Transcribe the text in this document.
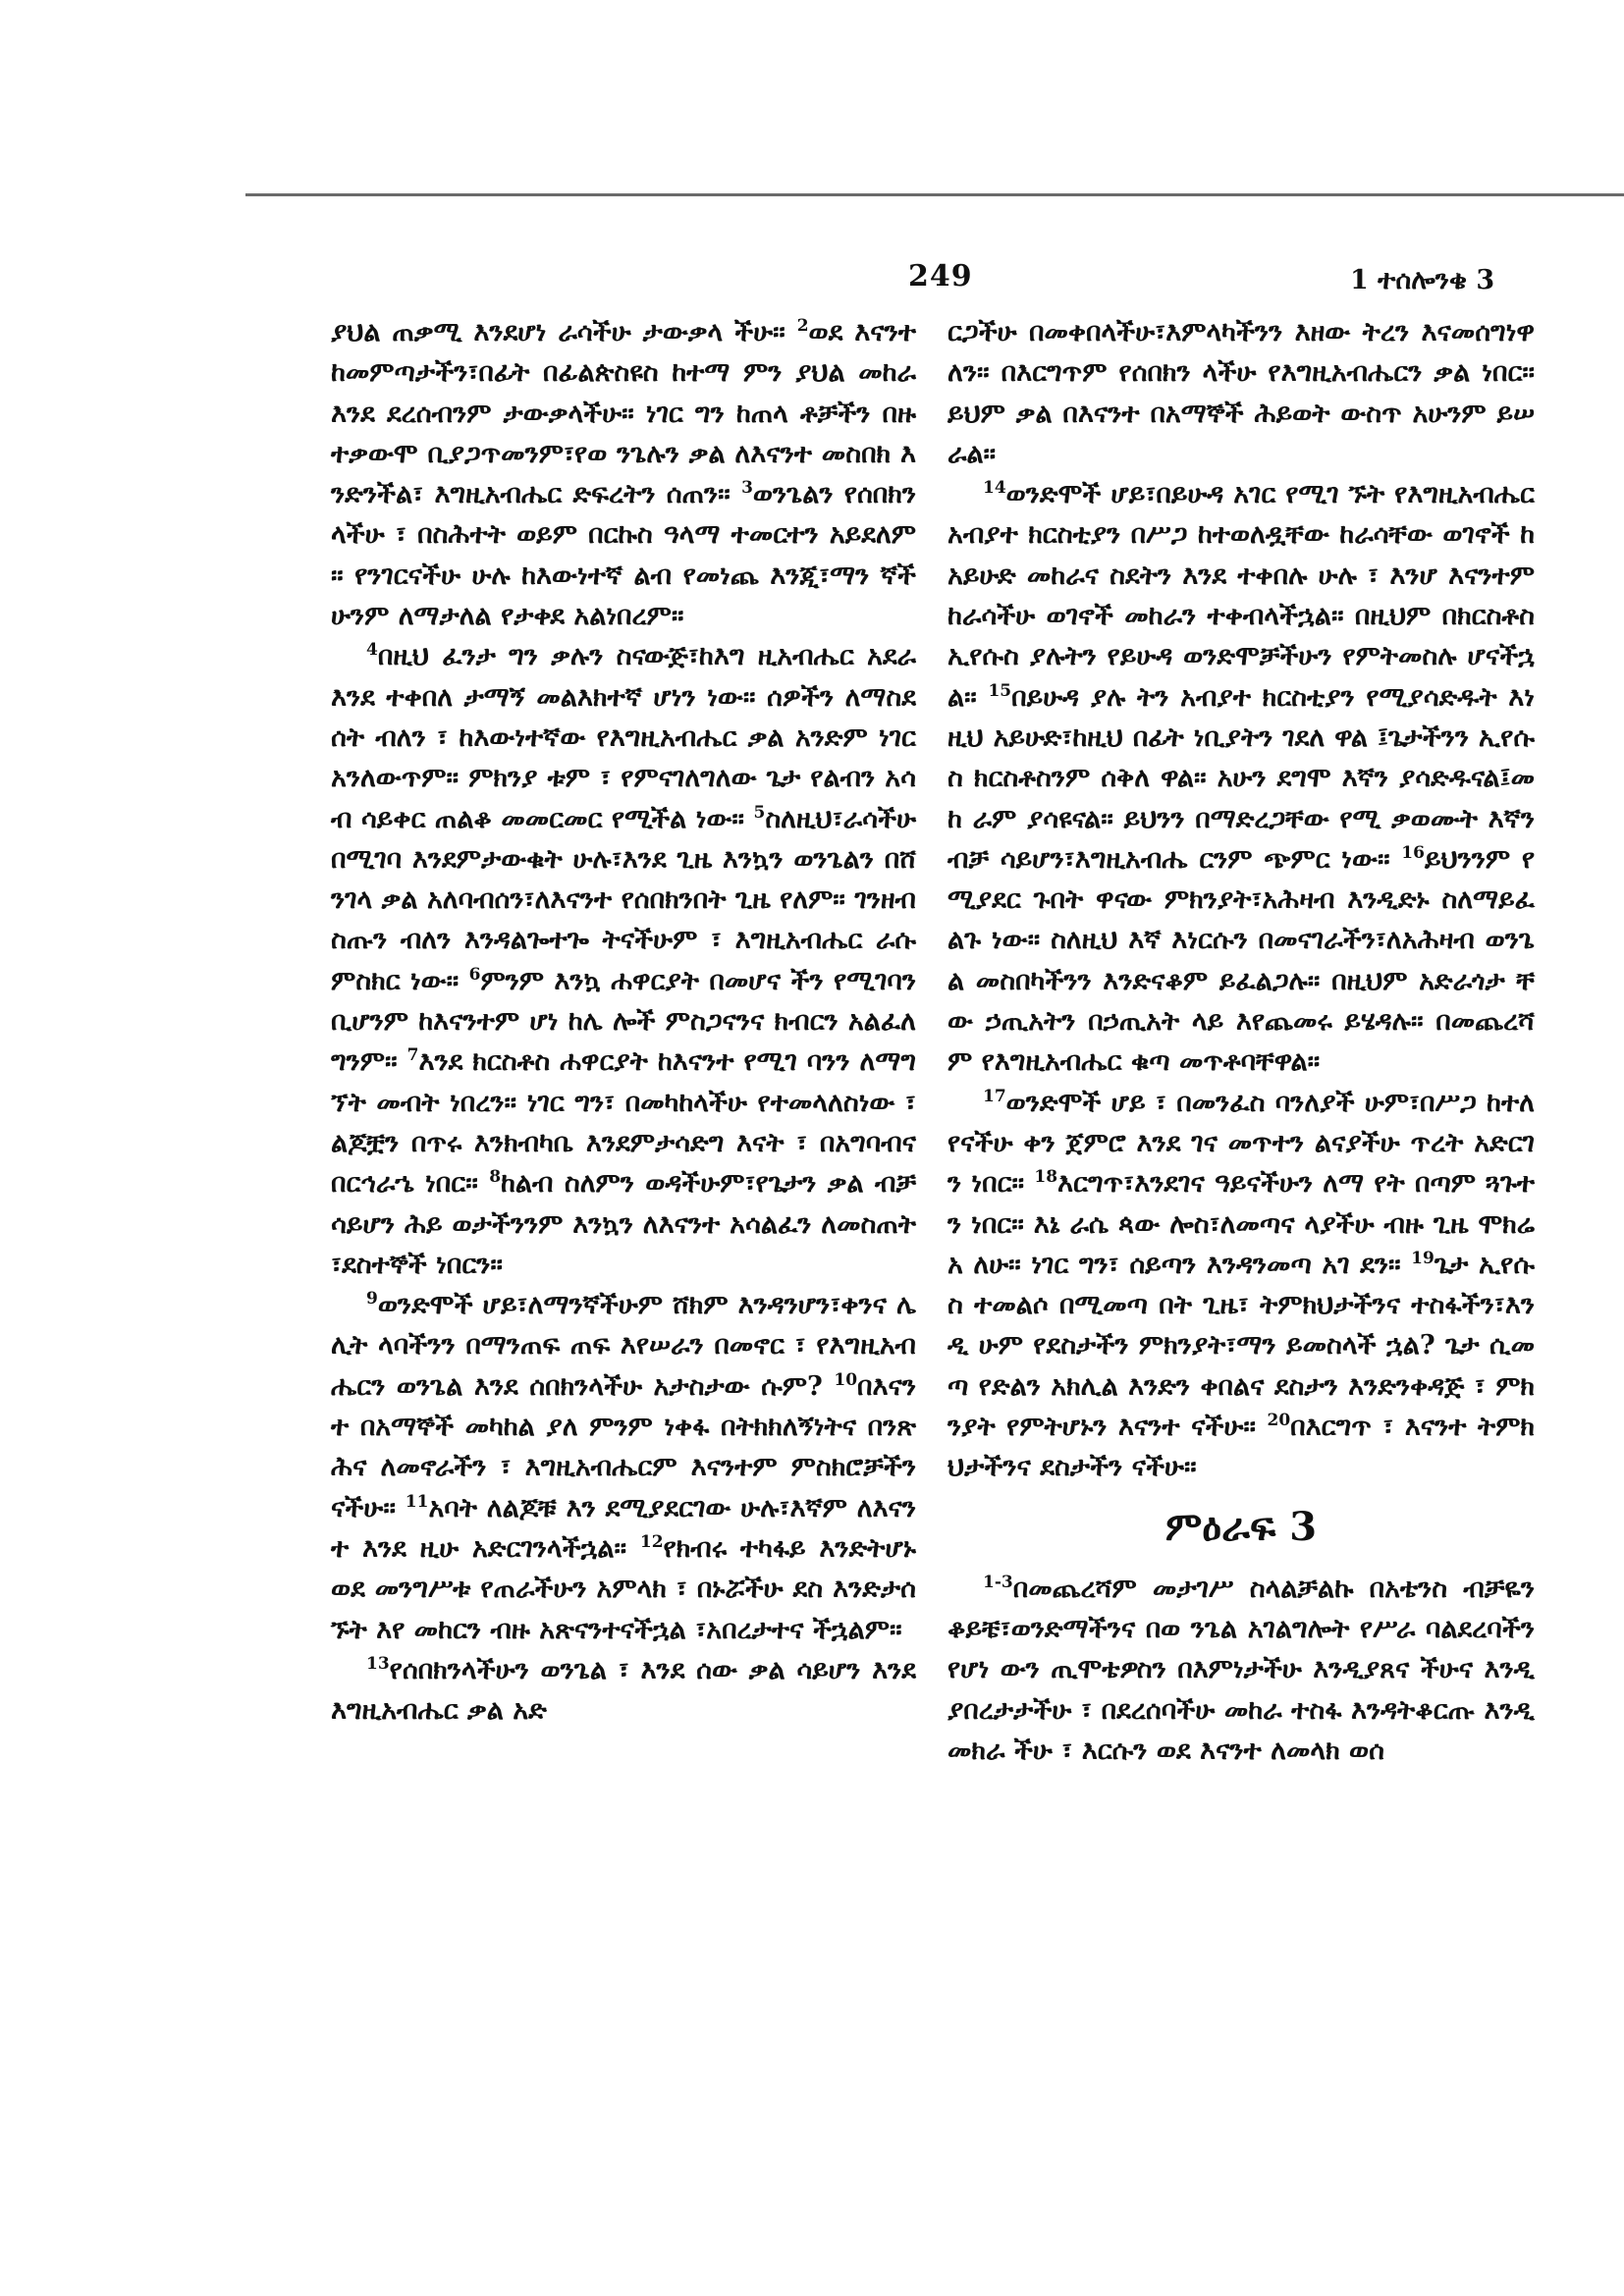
249	1 ተሰሎንቄ 3

ያህል ጠቃሚ እንደሆነ ራሳችሁ ታውቃላ ችሁ። $^2$ወደ እናንተ ከመምጣታችን፣በፊት በፊልጵስዩስ ከተማ ምን ያህል መከራ እንደ ደረሰብንም ታውቃላችሁ። ነገር ግን ከጠላ ቶቻችን በዙ ተቃውሞ ቢያጋጥመንም፣የወ ንጌሉን ቃል ለእናንተ መስበክ እንድንችል፣ እግዚአብሔር ድፍረትን ሰጠን። $^3$ወንጌልን የሰበክንላችሁ ፣ በስሕተት ወይም በርኩስ ዓላማ ተመርተን አይደለም። የንገርናችሁ ሁሉ ከእውነተኛ ልብ የመነጨ እንጂ፣ማን ኛችሁንም ለማታለል የታቀደ አልነበረም።

$^4$በዚህ ፈንታ ግን ቃሉን ስናውጅ፣ከእግ ዚአብሔር አደራ እንደ ተቀበለ ታማኝ መልእክተኛ ሆነን ነው። ሰዎችን ለማስደ ሰት ብለን ፣ ከእውነተኛው የእግዚአብሔር ቃል አንድም ነገር አንለውጥም። ምክንያ ቱም ፣ የምናገለግለው ጌታ የልብን አሳብ ሳይቀር ጠልቆ መመርመር የሚችል ነው። $^5$ስለዚህ፣ራሳችሁ በሚገባ እንደምታውቁት ሁሉ፣እንደ ጊዜ እንኳን ወንጌልን በሸንገላ ቃል አለባብሰን፣ለእናንተ የሰበክንበት ጊዜ የለም። ገንዘብ ስጡን ብለን እንዳልጐተጐ ትናችሁም ፣ እግዚአብሔር ራሱ ምስክር ነው። $^6$ምንም እንኳ ሐዋርያት በመሆና ችን የሚገባን ቢሆንም ከእናንተም ሆነ ከሌ ሎች ምስጋናንና ክብርን አልፈለግንም። $^7$እንደ ክርስቶስ ሐዋርያት ከእናንተ የሚገ ባንን ለማግኘት መብት ነበረን። ነገር ግን፣ በመካከላችሁ የተመላለስነው ፣ ልጆቿን በጥሩ እንክብካቤ እንደምታሳድግ እናት ፣ በአግባብና በርኅራኄ ነበር። $^8$ከልብ ስለምን ወዳችሁም፣የጌታን ቃል ብቻ ሳይሆን ሕይ ወታችንንም እንኳን ለእናንተ አሳልፈን ለመስጠት፣ደስተኞች ነበርን።

$^9$ወንድሞች ሆይ፣ለማንኛችሁም ሸክም እንዳንሆን፣ቀንና ሌሊት ላባችንን በማንጠፍ ጠፍ እየሠራን በመኖር ፣ የእግዚአብሔርን ወንጌል እንደ ሰበክንላችሁ አታስታው ሱም? $^{10}$በእናንተ በአማኞች መካከል ያለ ምንም ነቀፋ በትክክለኝነትና በንጽሕና ለመኖራችን ፣ እግዚአብሔርም እናንተም ምስክሮቻችን ናችሁ። $^{11}$አባት ለልጆቹ እን ደሚያደርገው ሁሉ፣እኛም ለእናንተ እንደ ዚሁ አድርገንላችኋል። $^{12}$የክብሩ ተካፋይ እንድትሆኑ ወደ መንግሥቱ የጠራችሁን አምላክ ፣ በኑሯችሁ ደስ እንድታሰኙት እየ መከርን ብዙ አጽናንተናችኋል ፣አበረታተና ችኋልም።

$^{13}$የሰበክንላችሁን ወንጌል ፣ እንደ ሰው ቃል ሳይሆን እንደ እግዚአብሔር ቃል አድ

ርጋችሁ በመቀበላችሁ፣እምላካችንን እዘው ትረን እናመሰግነዋለን። በእርግጥም የሰበክን ላችሁ የእግዚአብሔርን ቃል ነበር። ይህም ቃል በእናንተ በአማኞች ሕይወት ውስጥ አሁንም ይሠራል።

$^{14}$ወንድሞች ሆይ፣በይሁዳ አገር የሚገ ኙት የእግዚአብሔር አብያተ ክርስቲያን በሥጋ ከተወለዷቸው ከራሳቸው ወገኖች ከአይሁድ መከራና ስደትን እንደ ተቀበሉ ሁሉ ፣ እንሆ እናንተም ከራሳችሁ ወገኖች መከራን ተቀብላችኋል። በዚህም በክርስቶስ ኢየሱስ ያሉትን የይሁዳ ወንድሞቻችሁን የምትመስሉ ሆናችኋል። $^{15}$በይሁዳ ያሉ ትን አብያተ ክርስቲያን የሚያሳድዱት እነ ዚህ አይሁድ፣ከዚህ በፊት ነቢያትን ገደለ ዋል ፤ጌታችንን ኢየሱስ ክርስቶስንም ሰቅለ ዋል። አሁን ደግሞ እኛን ያሳድዱናል፤መከ ራም ያሳዩናል። ይህንን በማድረጋቸው የሚ ቃወሙት እኛን ብቻ ሳይሆን፣እግዚአብሔ ርንም ጭምር ነው። $^{16}$ይህንንም የሚያደር ጉበት ዋናው ምክንያት፣አሕዛብ እንዲድኑ ስለማይፈልጉ ነው። ስለዚህ እኛ እነርሱን በመናገራችን፣ለአሕዛብ ወንጌል መስበካችንን እንድናቆም ይፈልጋሉ። በዚህም አድራጎታ ቸው ኃጢአትን በኃጢአት ላይ እየጨመሩ ይሄዳሉ። በመጨረሻም የእግዚአብሔር ቁጣ መጥቶባቸዋል።

$^{17}$ወንድሞች ሆይ ፣ በመንፈስ ባንለያች ሁም፣በሥጋ ከተለየናችሁ ቀን ጀምሮ እንደ ገና መጥተን ልናያችሁ ጥረት አድርገን ነበር። $^{18}$እርግጥ፣እንደገና ዓይናችሁን ለማ የት በጣም ጓጉተን ነበር። እኔ ራሴ ጳው ሎስ፣ለመጣና ላያችሁ ብዙ ጊዜ ሞክሬአ ለሁ። ነገር ግን፣ ሰይጣን እንዳንመጣ አገ ደን። $^{19}$ጌታ ኢየሱስ ተመልሶ በሚመጣ በት ጊዜ፣ ትምክህታችንና ተስፋችን፣እንዲ ሁም የደስታችን ምክንያት፣ማን ይመስላች ኋል? ጌታ ሲመጣ የድልን አክሊል እንድን ቀበልና ደስታን እንድንቀዳጅ ፣ ምክንያት የምትሆኑን እናንተ ናችሁ። $^{20}$በእርግጥ ፣ እናንተ ትምክህታችንና ደስታችን ናችሁ።

ምዕራፍ 3

$^{1-3}$በመጨረሻም መታገሥ ስላልቻልኩ በአቴንስ ብቻዬን ቆይቼ፣ወንድማችንና በወ ንጌል አገልግሎት የሥራ ባልደረባችን የሆነ ውን ጢሞቴዎስን በእምነታችሁ እንዲያጸና ችሁና እንዲያበረታታችሁ ፣ በደረሰባችሁ መከራ ተስፋ እንዳትቆርጡ እንዲመክራ ችሁ ፣ እርሱን ወደ እናንተ ለመላክ ወሰ
